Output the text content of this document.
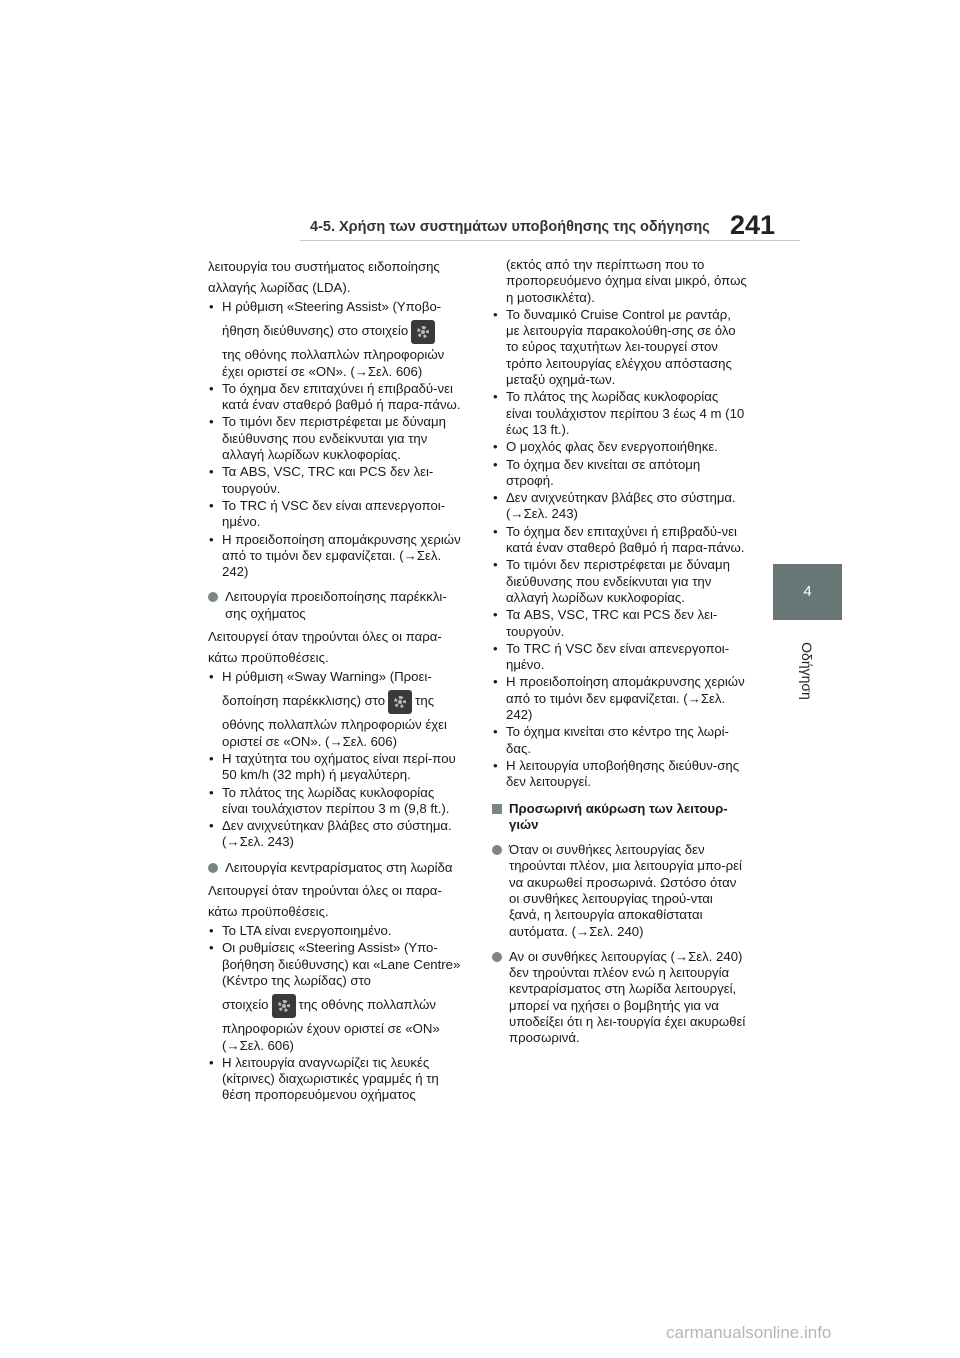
4-5. Χρήση των συστημάτων υποβοήθησης της οδήγησης 241
4
Οδήγηση

λειτουργία του συστήματος ειδοποίησης

αλλαγής λωρίδας (LDA).

• Η ρύθμιση «Steering Assist» (Υποβο-
ήθηση διεύθυνσης) στο στοιχείο
της οθόνης πολλαπλών πληροφοριών έχει οριστεί σε «ON». (→Σελ. 606)
• Το όχημα δεν επιταχύνει ή επιβραδύ-νει κατά έναν σταθερό βαθμό ή παρα-πάνω.
• Το τιμόνι δεν περιστρέφεται με δύναμη διεύθυνσης που ενδείκνυται για την αλλαγή λωρίδων κυκλοφορίας.
• Τα ABS, VSC, TRC και PCS δεν λει-τουργούν.
• Το TRC ή VSC δεν είναι απενεργοποι-ημένο.
• Η προειδοποίηση απομάκρυνσης χεριών από το τιμόνι δεν εμφανίζεται. (→Σελ. 242)
Λειτουργία προειδοποίησης παρέκκλι-σης οχήματος

Λειτουργεί όταν τηρούνται όλες οι παρα-

κάτω προϋποθέσεις.

• Η ρύθμιση «Sway Warning» (Προει-
δοποίηση παρέκκλισης) στο της
οθόνης πολλαπλών πληροφοριών έχει οριστεί σε «ON». (→Σελ. 606)
• Η ταχύτητα του οχήματος είναι περί-που 50 km/h (32 mph) ή μεγαλύτερη.
• Το πλάτος της λωρίδας κυκλοφορίας είναι τουλάχιστον περίπου 3 m (9,8 ft.).
• Δεν ανιχνεύτηκαν βλάβες στο σύστημα. (→Σελ. 243)
Λειτουργία κεντραρίσματος στη λωρίδα

Λειτουργεί όταν τηρούνται όλες οι παρα-

κάτω προϋποθέσεις.

• Το LTA είναι ενεργοποιημένο.
• Οι ρυθμίσεις «Steering Assist» (Υπο-βοήθηση διεύθυνσης) και «Lane Centre» (Κέντρο της λωρίδας) στο
στοιχείο της οθόνης πολλαπλών
πληροφοριών έχουν οριστεί σε «ON» (→Σελ. 606)
• Η λειτουργία αναγνωρίζει τις λευκές (κίτρινες) διαχωριστικές γραμμές ή τη θέση προπορευόμενου οχήματος
(εκτός από την περίπτωση που το προπορευόμενο όχημα είναι μικρό, όπως η μοτοσικλέτα).
• Το δυναμικό Cruise Control με ραντάρ, με λειτουργία παρακολούθη-σης σε όλο το εύρος ταχυτήτων λει-τουργεί στον τρόπο λειτουργίας ελέγχου απόστασης μεταξύ οχημά-των.
• Το πλάτος της λωρίδας κυκλοφορίας είναι τουλάχιστον περίπου 3 έως 4 m (10 έως 13 ft.).
• Ο μοχλός φλας δεν ενεργοποιήθηκε.
• Το όχημα δεν κινείται σε απότομη στροφή.
• Δεν ανιχνεύτηκαν βλάβες στο σύστημα. (→Σελ. 243)
• Το όχημα δεν επιταχύνει ή επιβραδύ-νει κατά έναν σταθερό βαθμό ή παρα-πάνω.
• Το τιμόνι δεν περιστρέφεται με δύναμη διεύθυνσης που ενδείκνυται για την αλλαγή λωρίδων κυκλοφορίας.
• Τα ABS, VSC, TRC και PCS δεν λει-τουργούν.
• Το TRC ή VSC δεν είναι απενεργοποι-ημένο.
• Η προειδοποίηση απομάκρυνσης χεριών από το τιμόνι δεν εμφανίζεται. (→Σελ. 242)
• Το όχημα κινείται στο κέντρο της λωρί-δας.
• Η λειτουργία υποβοήθησης διεύθυν-σης δεν λειτουργεί.
Προσωρινή ακύρωση των λειτουρ-γιών
Όταν οι συνθήκες λειτουργίας δεν τηρούνται πλέον, μια λειτουργία μπο-ρεί να ακυρωθεί προσωρινά. Ωστόσο όταν οι συνθήκες λειτουργίας τηρού-νται ξανά, η λειτουργία αποκαθίσταται αυτόματα. (→Σελ. 240)
Αν οι συνθήκες λειτουργίας (→Σελ. 240) δεν τηρούνται πλέον ενώ η λειτουργία κεντραρίσματος στη λωρίδα λειτουργεί, μπορεί να ηχήσει ο βομβητής για να υποδείξει ότι η λει-τουργία έχει ακυρωθεί προσωρινά.
carmanualsonline.info
